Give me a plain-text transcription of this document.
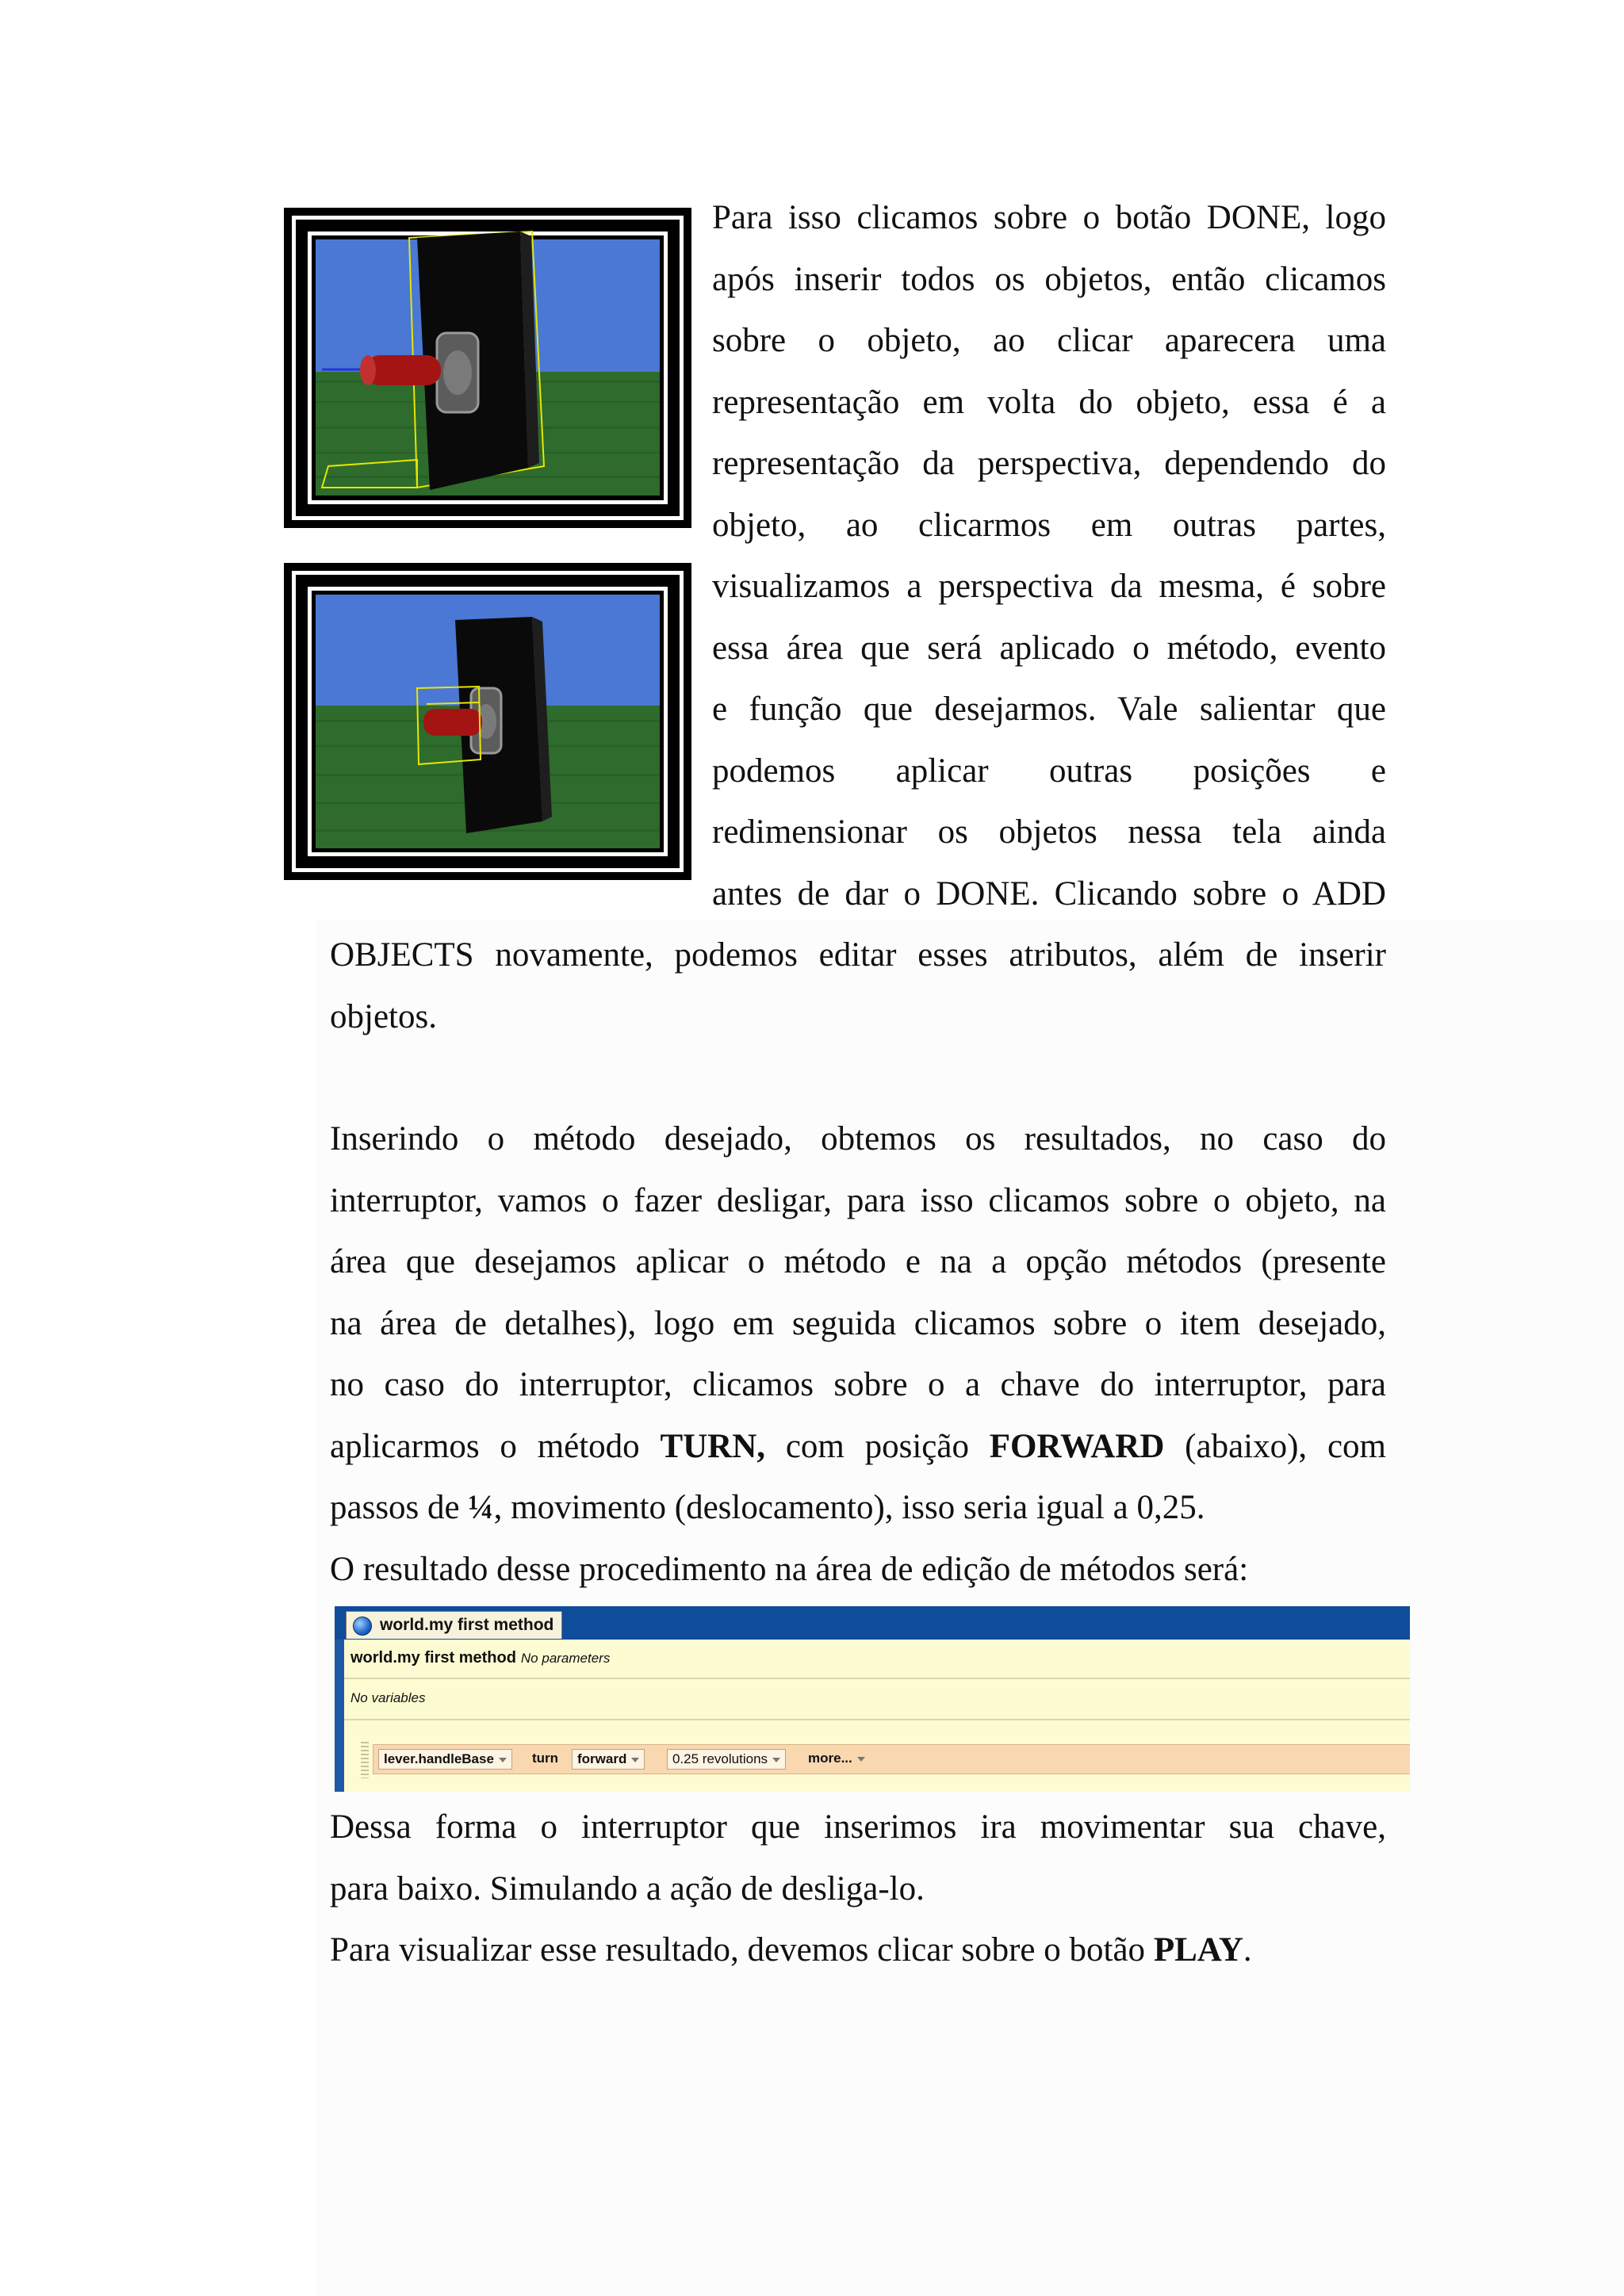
Para isso clicamos sobre o botão DONE, logo
após inserir todos os objetos, então clicamos
sobre o objeto, ao clicar aparecera uma
representação em volta do objeto, essa é a
representação da perspectiva, dependendo do
objeto, ao clicarmos em outras partes,
visualizamos a perspectiva da mesma, é sobre
essa área que será aplicado o método, evento
e função que desejarmos. Vale salientar que
podemos aplicar outras posições e
redimensionar os objetos nessa tela ainda
antes de dar o DONE. Clicando sobre o ADD

OBJECTS novamente, podemos editar esses atributos, além de inserir
objetos.

Inserindo o método desejado, obtemos os resultados, no caso do
interruptor, vamos o fazer desligar, para isso clicamos sobre o objeto, na
área que desejamos aplicar o método e na a opção métodos (presente
na área de detalhes), logo em seguida clicamos sobre o item desejado,
no caso do interruptor, clicamos sobre o a chave do interruptor, para
aplicarmos o método TURN, com posição FORWARD (abaixo), com
passos de ¼, movimento (deslocamento), isso seria igual a 0,25.
O resultado desse procedimento na área de edição de métodos será:

world.my first method
world.my first method No parameters
No variables
lever.handleBase	turn	forward	0.25 revolutions	more...

Dessa forma o interruptor que inserimos ira movimentar sua chave,
para baixo. Simulando a ação de desliga-lo.
Para visualizar esse resultado, devemos clicar sobre o botão PLAY.
